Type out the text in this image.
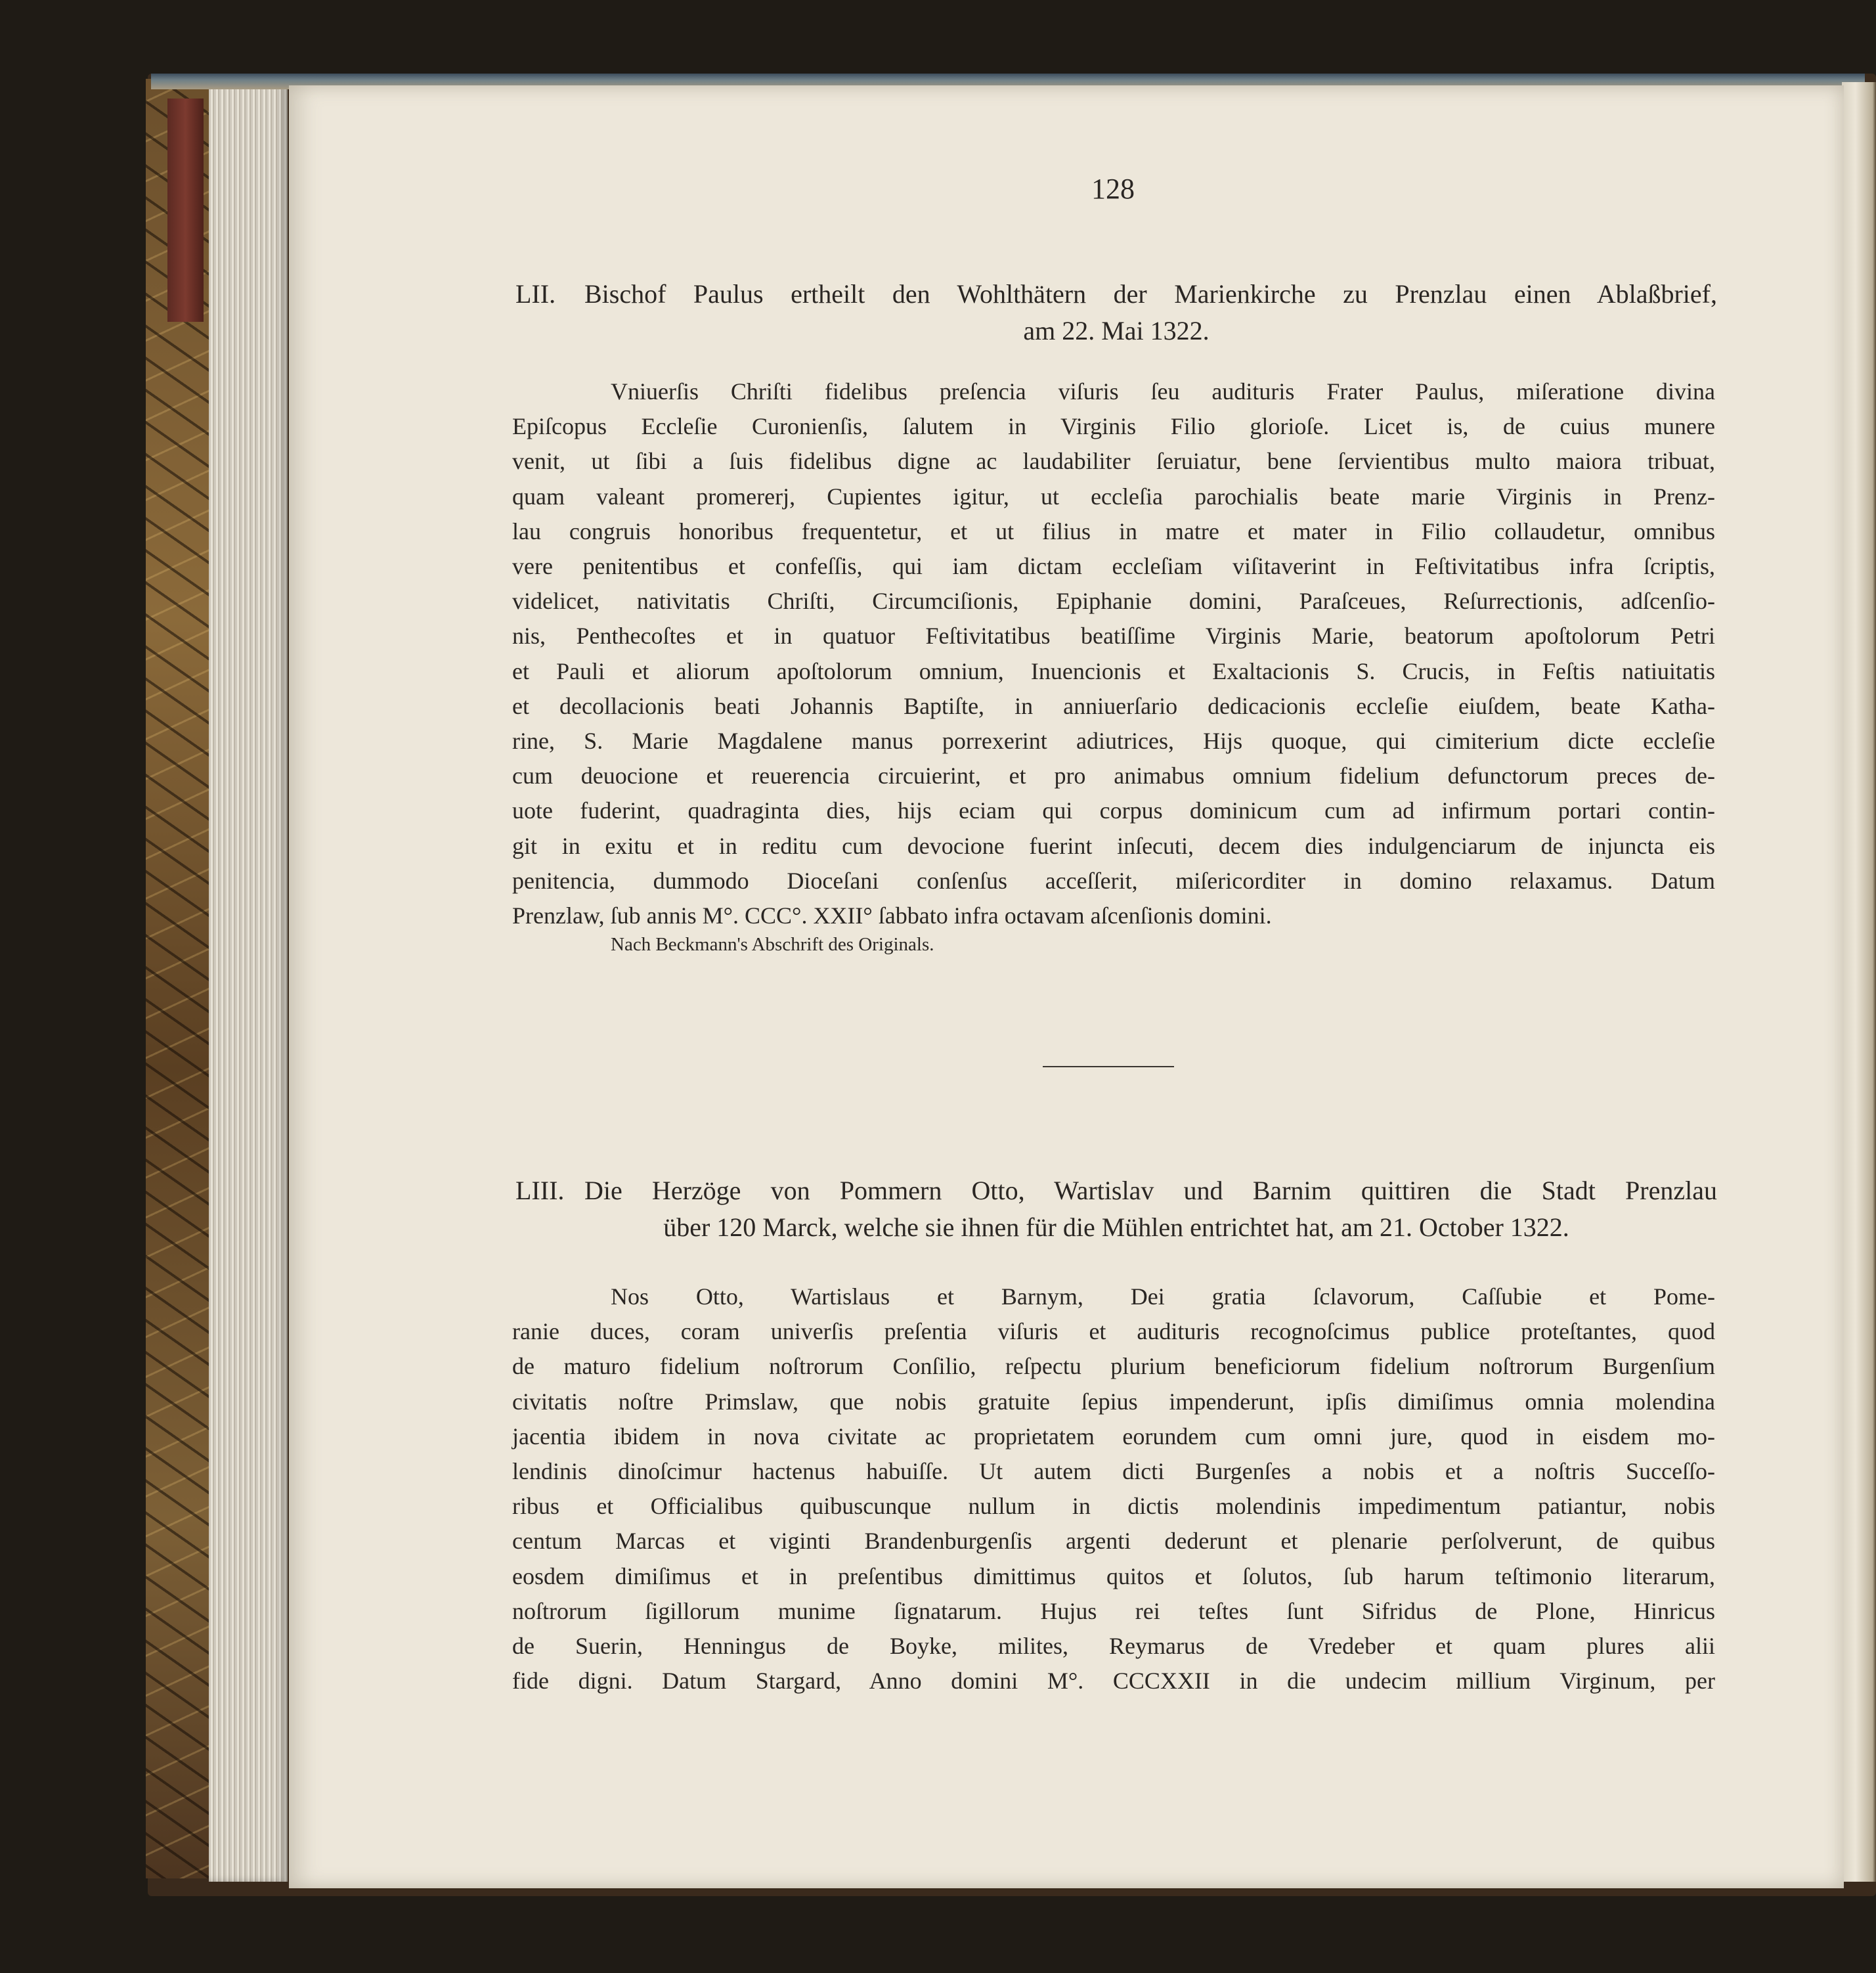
128
LII.	Bischof Paulus ertheilt den Wohlthätern der Marienkirche zu Prenzlau einen Ablaßbrief,
am 22. Mai 1322.
Vniuerſis Chriſti fidelibus preſencia viſuris ſeu audituris Frater Paulus, miſeratione divina
Epiſcopus Eccleſie Curonienſis, ſalutem in Virginis Filio glorioſe. Licet is, de cuius munere
venit, ut ſibi a ſuis fidelibus digne ac laudabiliter ſeruiatur, bene ſervientibus multo maiora tribuat,
quam valeant promererj, Cupientes igitur, ut eccleſia parochialis beate marie Virginis in Prenz-
lau congruis honoribus frequentetur, et ut filius in matre et mater in Filio collaudetur, omnibus
vere penitentibus et confeſſis, qui iam dictam eccleſiam viſitaverint in Feſtivitatibus infra ſcriptis,
videlicet, nativitatis Chriſti, Circumciſionis, Epiphanie domini, Paraſceues, Reſurrectionis, adſcenſio-
nis, Penthecoſtes et in quatuor Feſtivitatibus beatiſſime Virginis Marie, beatorum apoſtolorum Petri
et Pauli et aliorum apoſtolorum omnium, Inuencionis et Exaltacionis S. Crucis, in Feſtis natiuitatis
et decollacionis beati Johannis Baptiſte, in anniuerſario dedicacionis eccleſie eiuſdem, beate Katha-
rine, S. Marie Magdalene manus porrexerint adiutrices, Hijs quoque, qui cimiterium dicte eccleſie
cum deuocione et reuerencia circuierint, et pro animabus omnium fidelium defunctorum preces de-
uote fuderint, quadraginta dies, hijs eciam qui corpus dominicum cum ad infirmum portari contin-
git in exitu et in reditu cum devocione fuerint inſecuti, decem dies indulgenciarum de injuncta eis
penitencia, dummodo Dioceſani conſenſus acceſſerit, miſericorditer in domino relaxamus. Datum
Prenzlaw, ſub annis M°. CCC°. XXII° ſabbato infra octavam aſcenſionis domini.
Nach Beckmann's Abschrift des Originals.
LIII. Die Herzöge von Pommern Otto, Wartislav und Barnim quittiren die Stadt Prenzlau
über 120 Marck, welche sie ihnen für die Mühlen entrichtet hat, am 21. October 1322.
Nos Otto, Wartislaus et Barnym, Dei gratia ſclavorum, Caſſubie et Pome-
ranie duces, coram univerſis preſentia viſuris et audituris recognoſcimus publice proteſtantes, quod
de maturo fidelium noſtrorum Conſilio, reſpectu plurium beneficiorum fidelium noſtrorum Burgenſium
civitatis noſtre Primslaw, que nobis gratuite ſepius impenderunt, ipſis dimiſimus omnia molendina
jacentia ibidem in nova civitate ac proprietatem eorundem cum omni jure, quod in eisdem mo-
lendinis dinoſcimur hactenus habuiſſe. Ut autem dicti Burgenſes a nobis et a noſtris Succeſſo-
ribus et Officialibus quibuscunque nullum in dictis molendinis impedimentum patiantur, nobis
centum Marcas et viginti Brandenburgenſis argenti dederunt et plenarie perſolverunt, de quibus
eosdem dimiſimus et in preſentibus dimittimus quitos et ſolutos, ſub harum teſtimonio literarum,
noſtrorum ſigillorum munime ſignatarum. Hujus rei teſtes ſunt Sifridus de Plone, Hinricus
de Suerin, Henningus de Boyke, milites, Reymarus de Vredeber et quam plures alii
fide digni. Datum Stargard, Anno domini M°. CCCXXII in die undecim millium Virginum, per
